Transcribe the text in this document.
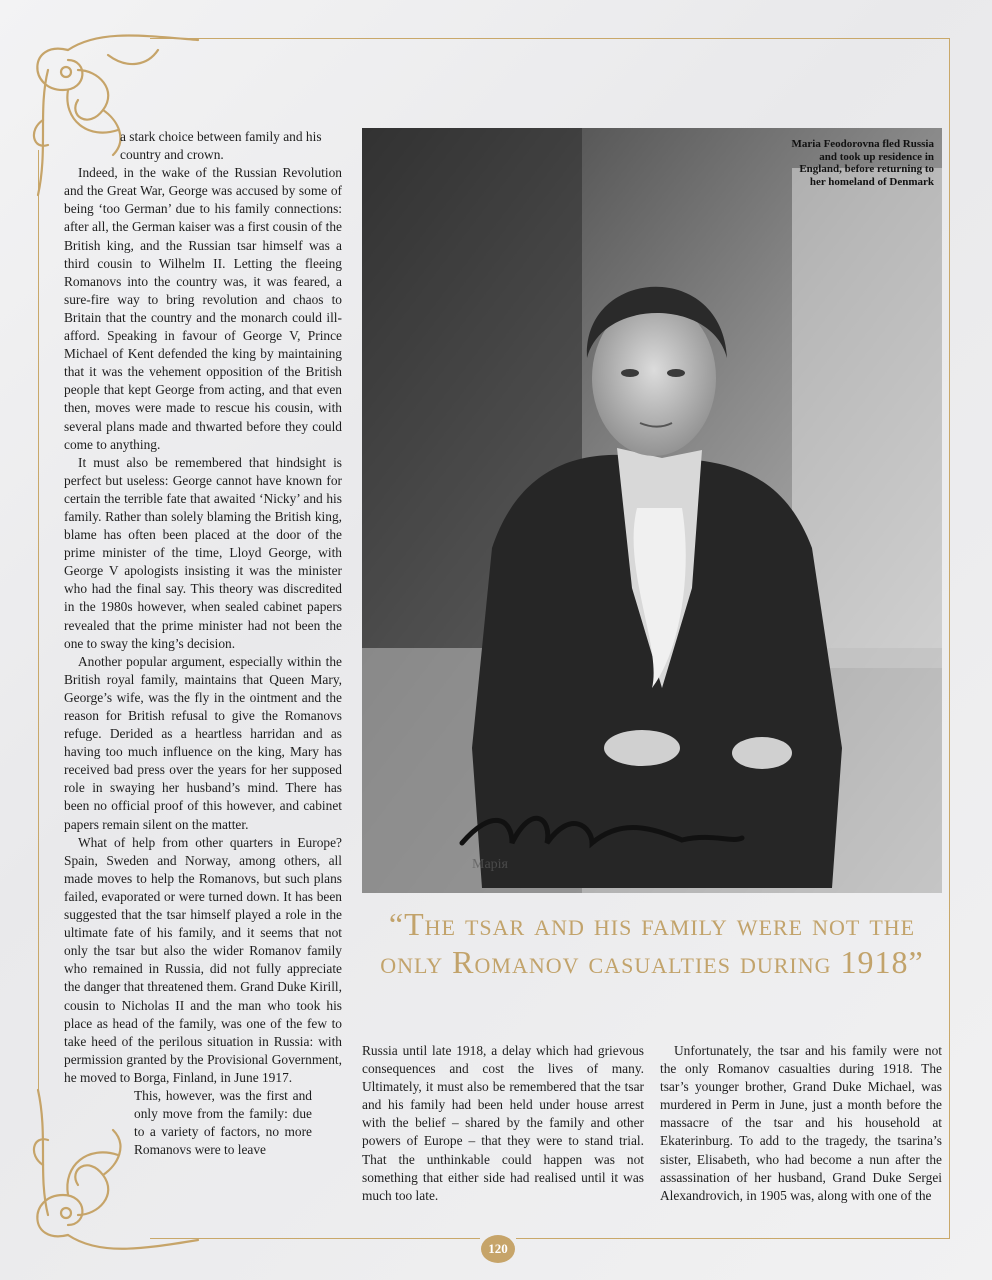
a stark choice between family and his country and crown.

Indeed, in the wake of the Russian Revolution and the Great War, George was accused by some of being ‘too German’ due to his family connections: after all, the German kaiser was a first cousin of the British king, and the Russian tsar himself was a third cousin to Wilhelm II. Letting the fleeing Romanovs into the country was, it was feared, a sure-fire way to bring revolution and chaos to Britain that the country and the monarch could ill-afford. Speaking in favour of George V, Prince Michael of Kent defended the king by maintaining that it was the vehement opposition of the British people that kept George from acting, and that even then, moves were made to rescue his cousin, with several plans made and thwarted before they could come to anything.

It must also be remembered that hindsight is perfect but useless: George cannot have known for certain the terrible fate that awaited ‘Nicky’ and his family. Rather than solely blaming the British king, blame has often been placed at the door of the prime minister of the time, Lloyd George, with George V apologists insisting it was the minister who had the final say. This theory was discredited in the 1980s however, when sealed cabinet papers revealed that the prime minister had not been the one to sway the king’s decision.

Another popular argument, especially within the British royal family, maintains that Queen Mary, George’s wife, was the fly in the ointment and the reason for British refusal to give the Romanovs refuge. Derided as a heartless harridan and as having too much influence on the king, Mary has received bad press over the years for her supposed role in swaying her husband’s mind. There has been no official proof of this however, and cabinet papers remain silent on the matter.

What of help from other quarters in Europe? Spain, Sweden and Norway, among others, all made moves to help the Romanovs, but such plans failed, evaporated or were turned down. It has been suggested that the tsar himself played a role in the ultimate fate of his family, and it seems that not only the tsar but also the wider Romanov family who remained in Russia, did not fully appreciate the danger that threatened them. Grand Duke Kirill, cousin to Nicholas II and the man who took his place as head of the family, was one of the few to take heed of the perilous situation in Russia: with permission granted by the Provisional Government, he moved to Borga, Finland, in June 1917.

This, however, was the first and only move from the family: due to a variety of factors, no more Romanovs were to leave

Марія
Maria Feodorovna fled Russia and took up residence in England, before returning to her homeland of Denmark
“The tsar and his family were not the only Romanov casualties during 1918”

Russia until late 1918, a delay which had grievous consequences and cost the lives of many. Ultimately, it must also be remembered that the tsar and his family had been held under house arrest with the belief – shared by the family and other powers of Europe – that they were to stand trial. That the unthinkable could happen was not something that either side had realised until it was much too late.

Unfortunately, the tsar and his family were not the only Romanov casualties during 1918. The tsar’s younger brother, Grand Duke Michael, was murdered in Perm in June, just a month before the massacre of the tsar and his household at Ekaterinburg. To add to the tragedy, the tsarina’s sister, Elisabeth, who had become a nun after the assassination of her husband, Grand Duke Sergei Alexandrovich, in 1905 was, along with one of the

120
